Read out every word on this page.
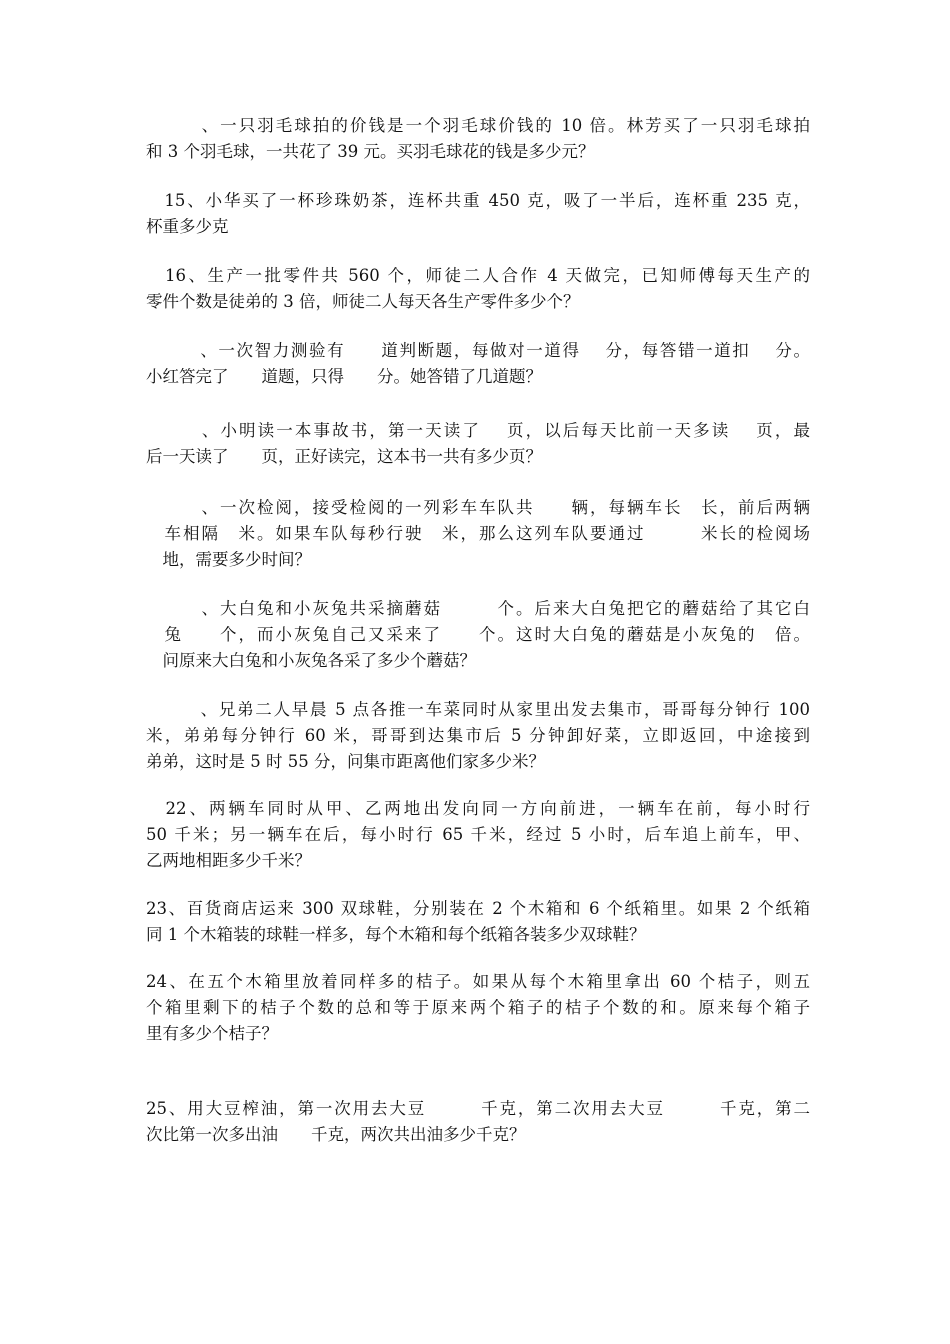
　　　、一只羽毛球拍的价钱是一个羽毛球价钱的 10 倍。林芳买了一只羽毛球拍
和 3 个羽毛球，一共花了 39 元。买羽毛球花的钱是多少元？
　15、小华买了一杯珍珠奶茶，连杯共重 450 克，吸了一半后，连杯重 235 克，
杯重多少克
　16、生产一批零件共 560 个，师徒二人合作 4 天做完，已知师傅每天生产的
零件个数是徒弟的 3 倍，师徒二人每天各生产零件多少个？
　　　、一次智力测验有　　道判断题，每做对一道得　 分，每答错一道扣　 分。
小红答完了　　道题，只得　　分。她答错了几道题？
　　　、小明读一本事故书，第一天读了　 页，以后每天比前一天多读　 页，最
后一天读了　　页，正好读完，这本书一共有多少页？
　　　、一次检阅，接受检阅的一列彩车车队共　　辆，每辆车长　长，前后两辆
　车相隔　米。如果车队每秒行驶　米，那么这列车队要通过　　　米长的检阅场
　地，需要多少时间？
　　　、大白兔和小灰兔共采摘蘑菇　　　个。后来大白兔把它的蘑菇给了其它白
　兔　　个，而小灰兔自己又采来了　　个。这时大白兔的蘑菇是小灰兔的　倍。
　问原来大白兔和小灰兔各采了多少个蘑菇？
　　　、兄弟二人早晨 5 点各推一车菜同时从家里出发去集市，哥哥每分钟行 100
米，弟弟每分钟行 60 米，哥哥到达集市后 5 分钟卸好菜，立即返回，中途接到
弟弟，这时是 5 时 55 分，问集市距离他们家多少米？
　22、两辆车同时从甲、乙两地出发向同一方向前进，一辆车在前，每小时行
50 千米；另一辆车在后，每小时行 65 千米，经过 5 小时，后车追上前车，甲、
乙两地相距多少千米？
23、百货商店运来 300 双球鞋，分别装在 2 个木箱和 6 个纸箱里。如果 2 个纸箱
同 1 个木箱装的球鞋一样多，每个木箱和每个纸箱各装多少双球鞋？
24、在五个木箱里放着同样多的桔子。如果从每个木箱里拿出 60 个桔子，则五
个箱里剩下的桔子个数的总和等于原来两个箱子的桔子个数的和。原来每个箱子
里有多少个桔子？
25、用大豆榨油，第一次用去大豆　　　千克，第二次用去大豆　　　千克，第二
次比第一次多出油　　千克，两次共出油多少千克？
